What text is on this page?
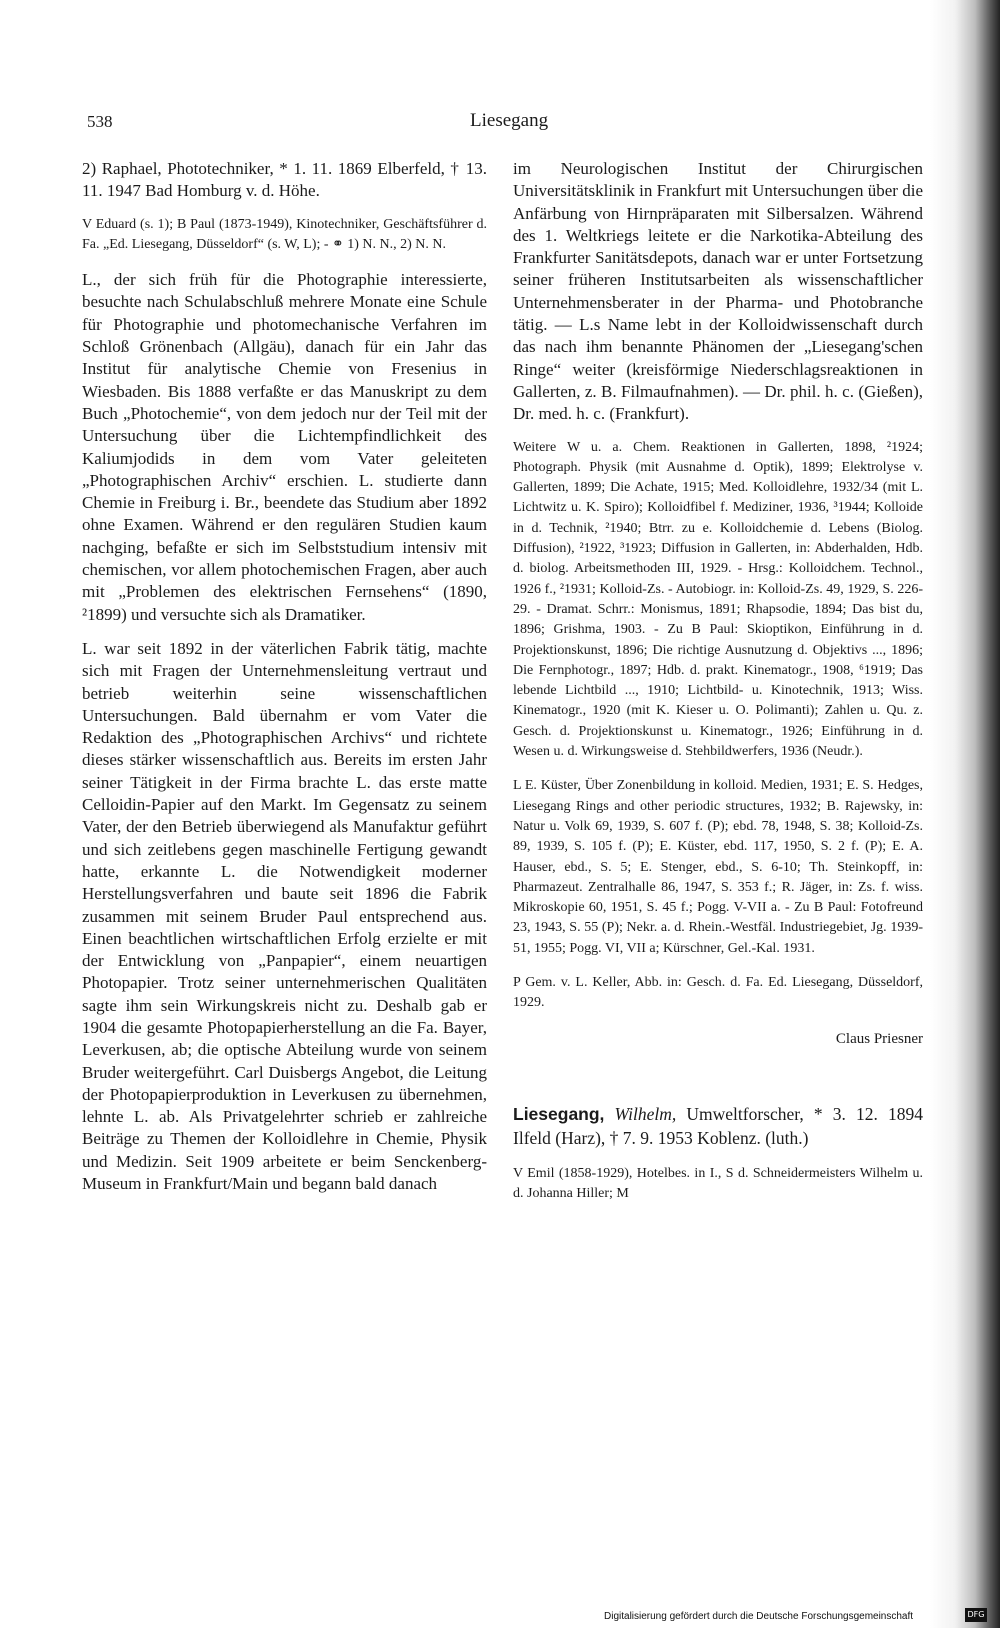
538	Liesegang

2) Raphael, Phototechniker, * 1. 11. 1869 Elberfeld, † 13. 11. 1947 Bad Homburg v. d. Höhe.

V Eduard (s. 1); B Paul (1873-1949), Kinotechniker, Geschäftsführer d. Fa. „Ed. Liesegang, Düsseldorf“ (s. W, L); - ⚭ 1) N. N., 2) N. N.

L., der sich früh für die Photographie interessierte, besuchte nach Schulabschluß mehrere Monate eine Schule für Photographie und photomechanische Verfahren im Schloß Grönenbach (Allgäu), danach für ein Jahr das Institut für analytische Chemie von Fresenius in Wiesbaden. Bis 1888 verfaßte er das Manuskript zu dem Buch „Photochemie“, von dem jedoch nur der Teil mit der Untersuchung über die Lichtempfindlichkeit des Kaliumjodids in dem vom Vater geleiteten „Photographischen Archiv“ erschien. L. studierte dann Chemie in Freiburg i. Br., beendete das Studium aber 1892 ohne Examen. Während er den regulären Studien kaum nachging, befaßte er sich im Selbststudium intensiv mit chemischen, vor allem photochemischen Fragen, aber auch mit „Problemen des elektrischen Fernsehens“ (1890, ²1899) und versuchte sich als Dramatiker.

L. war seit 1892 in der väterlichen Fabrik tätig, machte sich mit Fragen der Unternehmensleitung vertraut und betrieb weiterhin seine wissenschaftlichen Untersuchungen. Bald übernahm er vom Vater die Redaktion des „Photographischen Archivs“ und richtete dieses stärker wissenschaftlich aus. Bereits im ersten Jahr seiner Tätigkeit in der Firma brachte L. das erste matte Celloidin-Papier auf den Markt. Im Gegensatz zu seinem Vater, der den Betrieb überwiegend als Manufaktur geführt und sich zeitlebens gegen maschinelle Fertigung gewandt hatte, erkannte L. die Notwendigkeit moderner Herstellungsverfahren und baute seit 1896 die Fabrik zusammen mit seinem Bruder Paul entsprechend aus. Einen beachtlichen wirtschaftlichen Erfolg erzielte er mit der Entwicklung von „Panpapier“, einem neuartigen Photopapier. Trotz seiner unternehmerischen Qualitäten sagte ihm sein Wirkungskreis nicht zu. Deshalb gab er 1904 die gesamte Photopapierherstellung an die Fa. Bayer, Leverkusen, ab; die optische Abteilung wurde von seinem Bruder weitergeführt. Carl Duisbergs Angebot, die Leitung der Photopapierproduktion in Leverkusen zu übernehmen, lehnte L. ab. Als Privatgelehrter schrieb er zahlreiche Beiträge zu Themen der Kolloidlehre in Chemie, Physik und Medizin. Seit 1909 arbeitete er beim Senckenberg-Museum in Frankfurt/Main und begann bald danach

im Neurologischen Institut der Chirurgischen Universitätsklinik in Frankfurt mit Untersuchungen über die Anfärbung von Hirnpräparaten mit Silbersalzen. Während des 1. Weltkriegs leitete er die Narkotika-Abteilung des Frankfurter Sanitätsdepots, danach war er unter Fortsetzung seiner früheren Institutsarbeiten als wissenschaftlicher Unternehmensberater in der Pharma- und Photobranche tätig. — L.s Name lebt in der Kolloidwissenschaft durch das nach ihm benannte Phänomen der „Liesegang'schen Ringe“ weiter (kreisförmige Niederschlagsreaktionen in Gallerten, z. B. Filmaufnahmen). — Dr. phil. h. c. (Gießen), Dr. med. h. c. (Frankfurt).

Weitere W u. a. Chem. Reaktionen in Gallerten, 1898, ²1924; Photograph. Physik (mit Ausnahme d. Optik), 1899; Elektrolyse v. Gallerten, 1899; Die Achate, 1915; Med. Kolloidlehre, 1932/34 (mit L. Lichtwitz u. K. Spiro); Kolloidfibel f. Mediziner, 1936, ³1944; Kolloide in d. Technik, ²1940; Btrr. zu e. Kolloidchemie d. Lebens (Biolog. Diffusion), ²1922, ³1923; Diffusion in Gallerten, in: Abderhalden, Hdb. d. biolog. Arbeitsmethoden III, 1929. - Hrsg.: Kolloidchem. Technol., 1926 f., ²1931; Kolloid-Zs. - Autobiogr. in: Kolloid-Zs. 49, 1929, S. 226-29. - Dramat. Schrr.: Monismus, 1891; Rhapsodie, 1894; Das bist du, 1896; Grishma, 1903. - Zu B Paul: Skioptikon, Einführung in d. Projektionskunst, 1896; Die richtige Ausnutzung d. Objektivs ..., 1896; Die Fernphotogr., 1897; Hdb. d. prakt. Kinematogr., 1908, ⁶1919; Das lebende Lichtbild ..., 1910; Lichtbild- u. Kinotechnik, 1913; Wiss. Kinematogr., 1920 (mit K. Kieser u. O. Polimanti); Zahlen u. Qu. z. Gesch. d. Projektionskunst u. Kinematogr., 1926; Einführung in d. Wesen u. d. Wirkungsweise d. Stehbildwerfers, 1936 (Neudr.).

L E. Küster, Über Zonenbildung in kolloid. Medien, 1931; E. S. Hedges, Liesegang Rings and other periodic structures, 1932; B. Rajewsky, in: Natur u. Volk 69, 1939, S. 607 f. (P); ebd. 78, 1948, S. 38; Kolloid-Zs. 89, 1939, S. 105 f. (P); E. Küster, ebd. 117, 1950, S. 2 f. (P); E. A. Hauser, ebd., S. 5; E. Stenger, ebd., S. 6-10; Th. Steinkopff, in: Pharmazeut. Zentralhalle 86, 1947, S. 353 f.; R. Jäger, in: Zs. f. wiss. Mikroskopie 60, 1951, S. 45 f.; Pogg. V-VII a. - Zu B Paul: Fotofreund 23, 1943, S. 55 (P); Nekr. a. d. Rhein.-Westfäl. Industriegebiet, Jg. 1939-51, 1955; Pogg. VI, VII a; Kürschner, Gel.-Kal. 1931.

P Gem. v. L. Keller, Abb. in: Gesch. d. Fa. Ed. Liesegang, Düsseldorf, 1929.

Claus Priesner

Liesegang, Wilhelm, Umweltforscher, * 3. 12. 1894 Ilfeld (Harz), † 7. 9. 1953 Koblenz. (luth.)

V Emil (1858-1929), Hotelbes. in I., S d. Schneidermeisters Wilhelm u. d. Johanna Hiller; M

Digitalisierung gefördert durch die Deutsche Forschungsgemeinschaft	DFG
